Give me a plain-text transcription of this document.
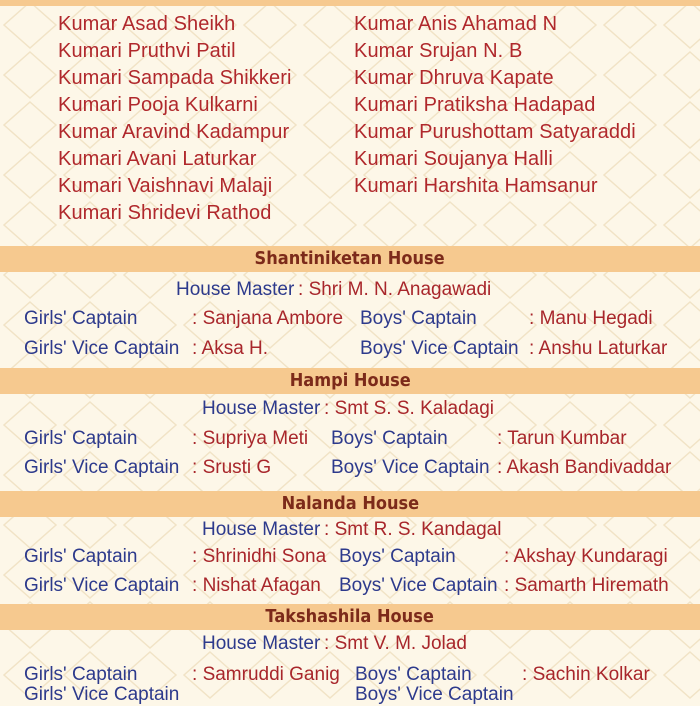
Kumar Asad Sheikh
Kumari Pruthvi Patil
Kumari Sampada Shikkeri
Kumari Pooja Kulkarni
Kumar Aravind Kadampur
Kumari Avani Laturkar
Kumari Vaishnavi Malaji
Kumari Shridevi Rathod
Kumar Anis Ahamad N
Kumar Srujan N. B
Kumar Dhruva Kapate
Kumari Pratiksha Hadapad
Kumar Purushottam Satyaraddi
Kumari Soujanya Halli
Kumari Harshita Hamsanur
Shantiniketan House
House Master : Shri M. N. Anagawadi
Girls' Captain	: Sanjana Ambore Boys' Captain	: Manu Hegadi
Girls' Vice Captain : Aksa H.	Boys' Vice Captain : Anshu Laturkar
Hampi House
House Master : Smt S. S. Kaladagi
Girls' Captain	: Supriya Meti Boys' Captain	: Tarun Kumbar
Girls' Vice Captain : Srusti G	Boys' Vice Captain : Akash Bandivaddar
Nalanda House
House Master : Smt R. S. Kandagal
Girls' Captain	: Shrinidhi Sona Boys' Captain	: Akshay Kundaragi
Girls' Vice Captain : Nishat Afagan Boys' Vice Captain : Samarth Hiremath
Takshashila House
House Master : Smt V. M. Jolad
Girls' Captain	: Samruddi Ganig Boys' Captain	: Sachin Kolkar
Girls' Vice Captain	Boys' Vice Captain
